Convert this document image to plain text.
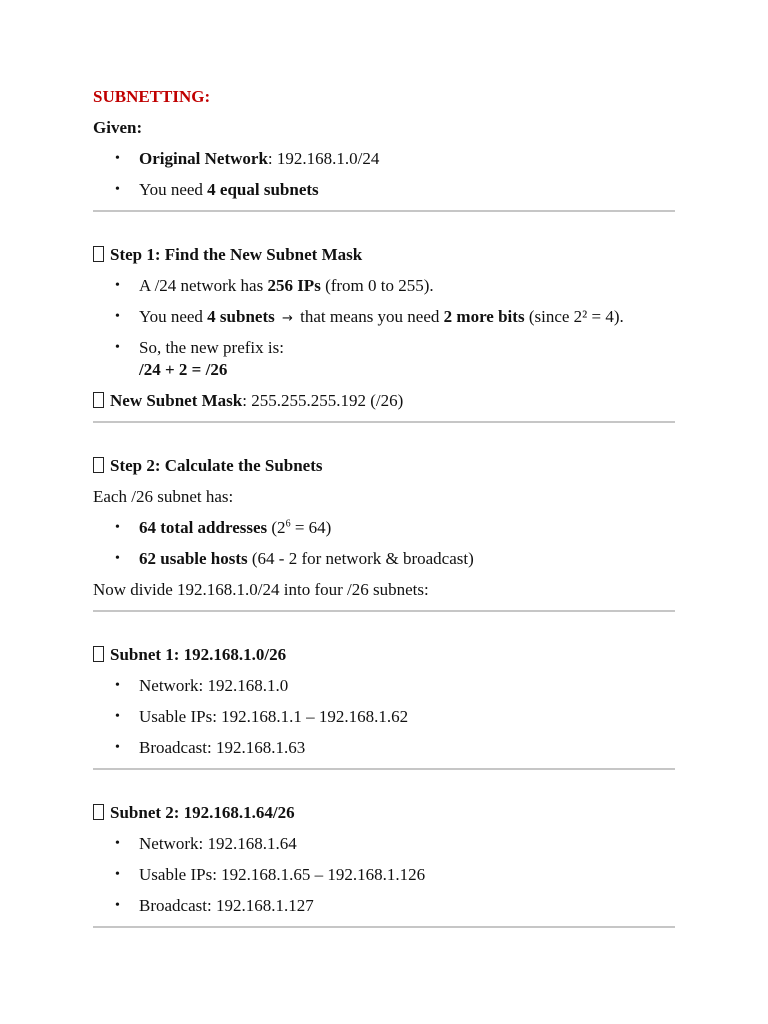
SUBNETTING:
Given:
• Original Network: 192.168.1.0/24
• You need 4 equal subnets
Step 1: Find the New Subnet Mask
• A /24 network has 256 IPs (from 0 to 255).
• You need 4 subnets → that means you need 2 more bits (since 2² = 4).
• So, the new prefix is:
/24 + 2 = /26
New Subnet Mask: 255.255.255.192 (/26)
Step 2: Calculate the Subnets
Each /26 subnet has:
• 64 total addresses $(2^6 = 64)$
• 62 usable hosts (64 - 2 for network & broadcast)
Now divide 192.168.1.0/24 into four /26 subnets:
Subnet 1: 192.168.1.0/26
• Network: 192.168.1.0
• Usable IPs: 192.168.1.1 – 192.168.1.62
• Broadcast: 192.168.1.63
Subnet 2: 192.168.1.64/26
• Network: 192.168.1.64
• Usable IPs: 192.168.1.65 – 192.168.1.126
• Broadcast: 192.168.1.127
